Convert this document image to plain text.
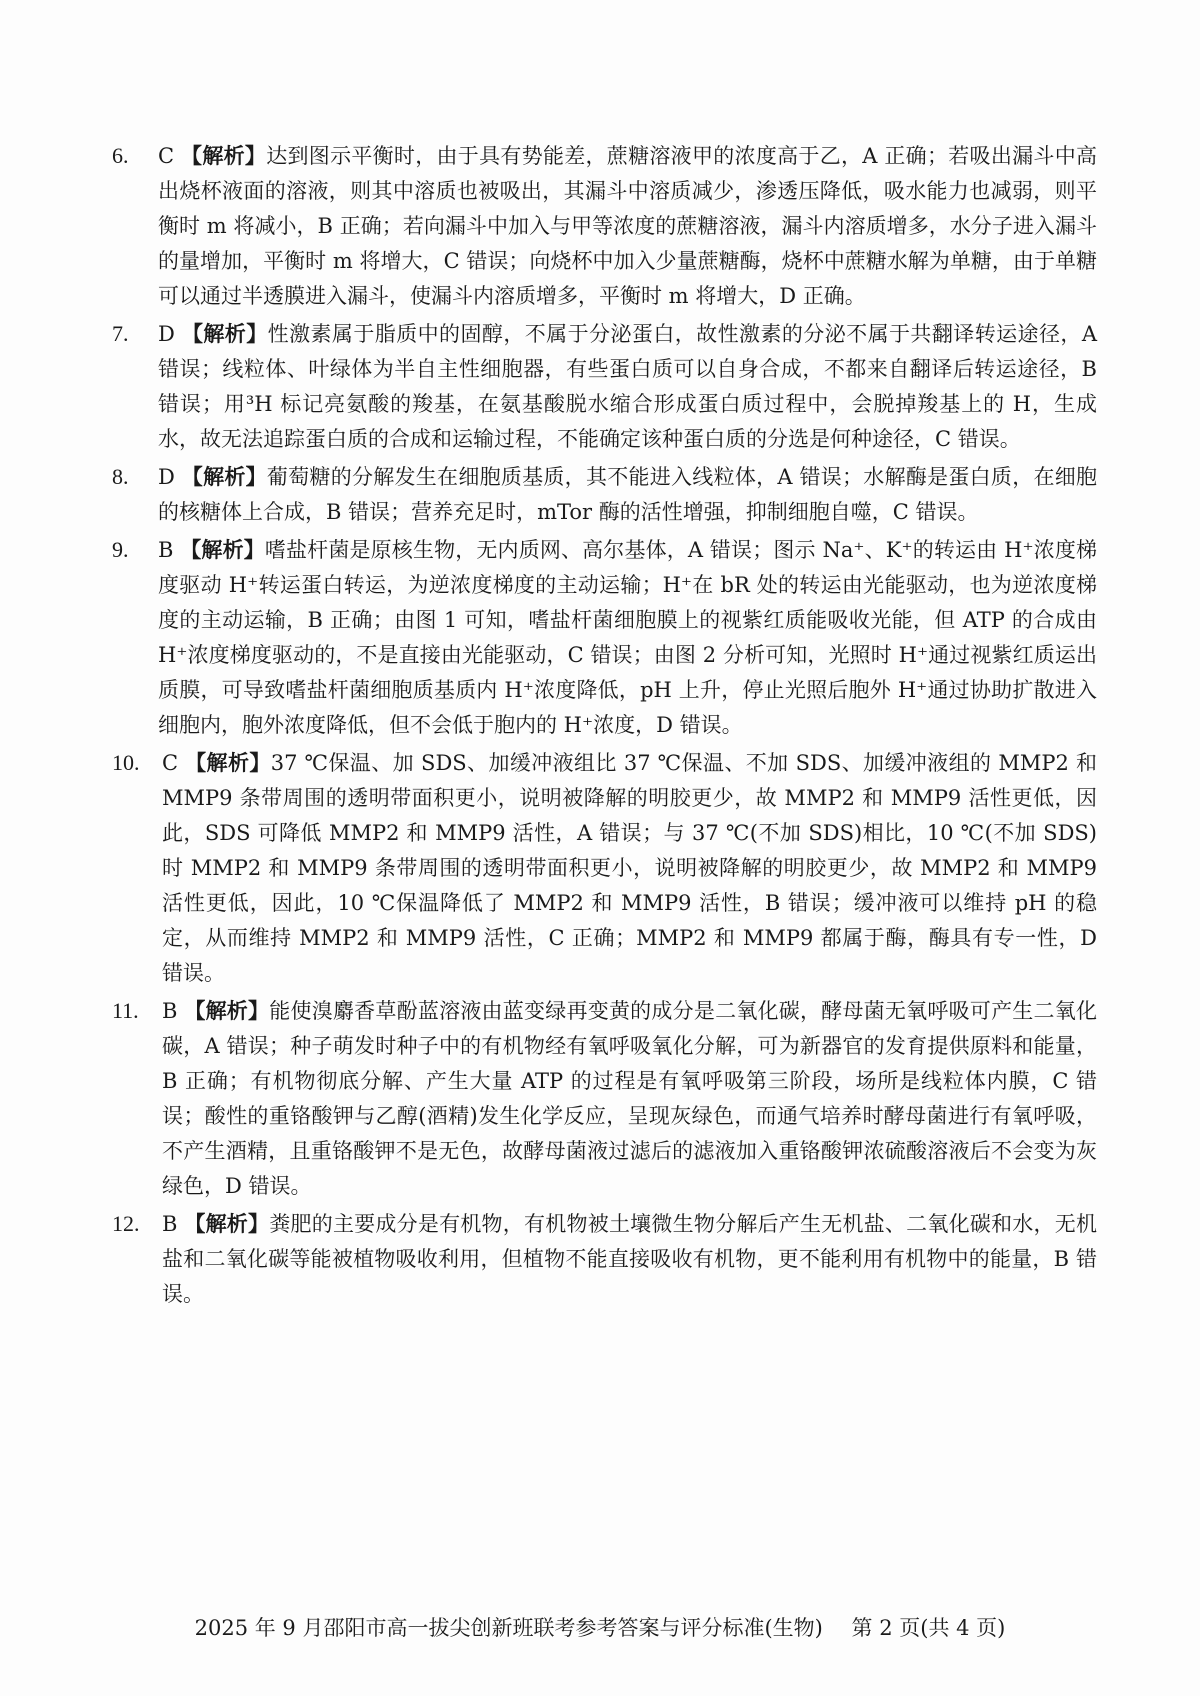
6. C 【解析】达到图示平衡时，由于具有势能差，蔗糖溶液甲的浓度高于乙，A 正确；若吸出漏斗中高出烧杯液面的溶液，则其中溶质也被吸出，其漏斗中溶质减少，渗透压降低，吸水能力也减弱，则平衡时 m 将减小，B 正确；若向漏斗中加入与甲等浓度的蔗糖溶液，漏斗内溶质增多，水分子进入漏斗的量增加，平衡时 m 将增大，C 错误；向烧杯中加入少量蔗糖酶，烧杯中蔗糖水解为单糖，由于单糖可以通过半透膜进入漏斗，使漏斗内溶质增多，平衡时 m 将增大，D 正确。
7. D 【解析】性激素属于脂质中的固醇，不属于分泌蛋白，故性激素的分泌不属于共翻译转运途径，A 错误；线粒体、叶绿体为半自主性细胞器，有些蛋白质可以自身合成，不都来自翻译后转运途径，B 错误；用³H 标记亮氨酸的羧基，在氨基酸脱水缩合形成蛋白质过程中，会脱掉羧基上的 H，生成水，故无法追踪蛋白质的合成和运输过程，不能确定该种蛋白质的分选是何种途径，C 错误。
8. D 【解析】葡萄糖的分解发生在细胞质基质，其不能进入线粒体，A 错误；水解酶是蛋白质，在细胞的核糖体上合成，B 错误；营养充足时，mTor 酶的活性增强，抑制细胞自噬，C 错误。
9. B 【解析】嗜盐杆菌是原核生物，无内质网、高尔基体，A 错误；图示 Na⁺、K⁺的转运由 H⁺浓度梯度驱动 H⁺转运蛋白转运，为逆浓度梯度的主动运输；H⁺在 bR 处的转运由光能驱动，也为逆浓度梯度的主动运输，B 正确；由图 1 可知，嗜盐杆菌细胞膜上的视紫红质能吸收光能，但 ATP 的合成由 H⁺浓度梯度驱动的，不是直接由光能驱动，C 错误；由图 2 分析可知，光照时 H⁺通过视紫红质运出质膜，可导致嗜盐杆菌细胞质基质内 H⁺浓度降低，pH 上升，停止光照后胞外 H⁺通过协助扩散进入细胞内，胞外浓度降低，但不会低于胞内的 H⁺浓度，D 错误。
10. C 【解析】37 ℃保温、加 SDS、加缓冲液组比 37 ℃保温、不加 SDS、加缓冲液组的 MMP2 和 MMP9 条带周围的透明带面积更小，说明被降解的明胶更少，故 MMP2 和 MMP9 活性更低，因此，SDS 可降低 MMP2 和 MMP9 活性，A 错误；与 37 ℃(不加 SDS)相比，10 ℃(不加 SDS)时 MMP2 和 MMP9 条带周围的透明带面积更小，说明被降解的明胶更少，故 MMP2 和 MMP9 活性更低，因此，10 ℃保温降低了 MMP2 和 MMP9 活性，B 错误；缓冲液可以维持 pH 的稳定，从而维持 MMP2 和 MMP9 活性，C 正确；MMP2 和 MMP9 都属于酶，酶具有专一性，D 错误。
11. B 【解析】能使溴麝香草酚蓝溶液由蓝变绿再变黄的成分是二氧化碳，酵母菌无氧呼吸可产生二氧化碳，A 错误；种子萌发时种子中的有机物经有氧呼吸氧化分解，可为新器官的发育提供原料和能量，B 正确；有机物彻底分解、产生大量 ATP 的过程是有氧呼吸第三阶段，场所是线粒体内膜，C 错误；酸性的重铬酸钾与乙醇(酒精)发生化学反应，呈现灰绿色，而通气培养时酵母菌进行有氧呼吸，不产生酒精，且重铬酸钾不是无色，故酵母菌液过滤后的滤液加入重铬酸钾浓硫酸溶液后不会变为灰绿色，D 错误。
12. B 【解析】粪肥的主要成分是有机物，有机物被土壤微生物分解后产生无机盐、二氧化碳和水，无机盐和二氧化碳等能被植物吸收利用，但植物不能直接吸收有机物，更不能利用有机物中的能量，B 错误。
2025 年 9 月邵阳市高一拔尖创新班联考参考答案与评分标准(生物) 第 2 页(共 4 页)
